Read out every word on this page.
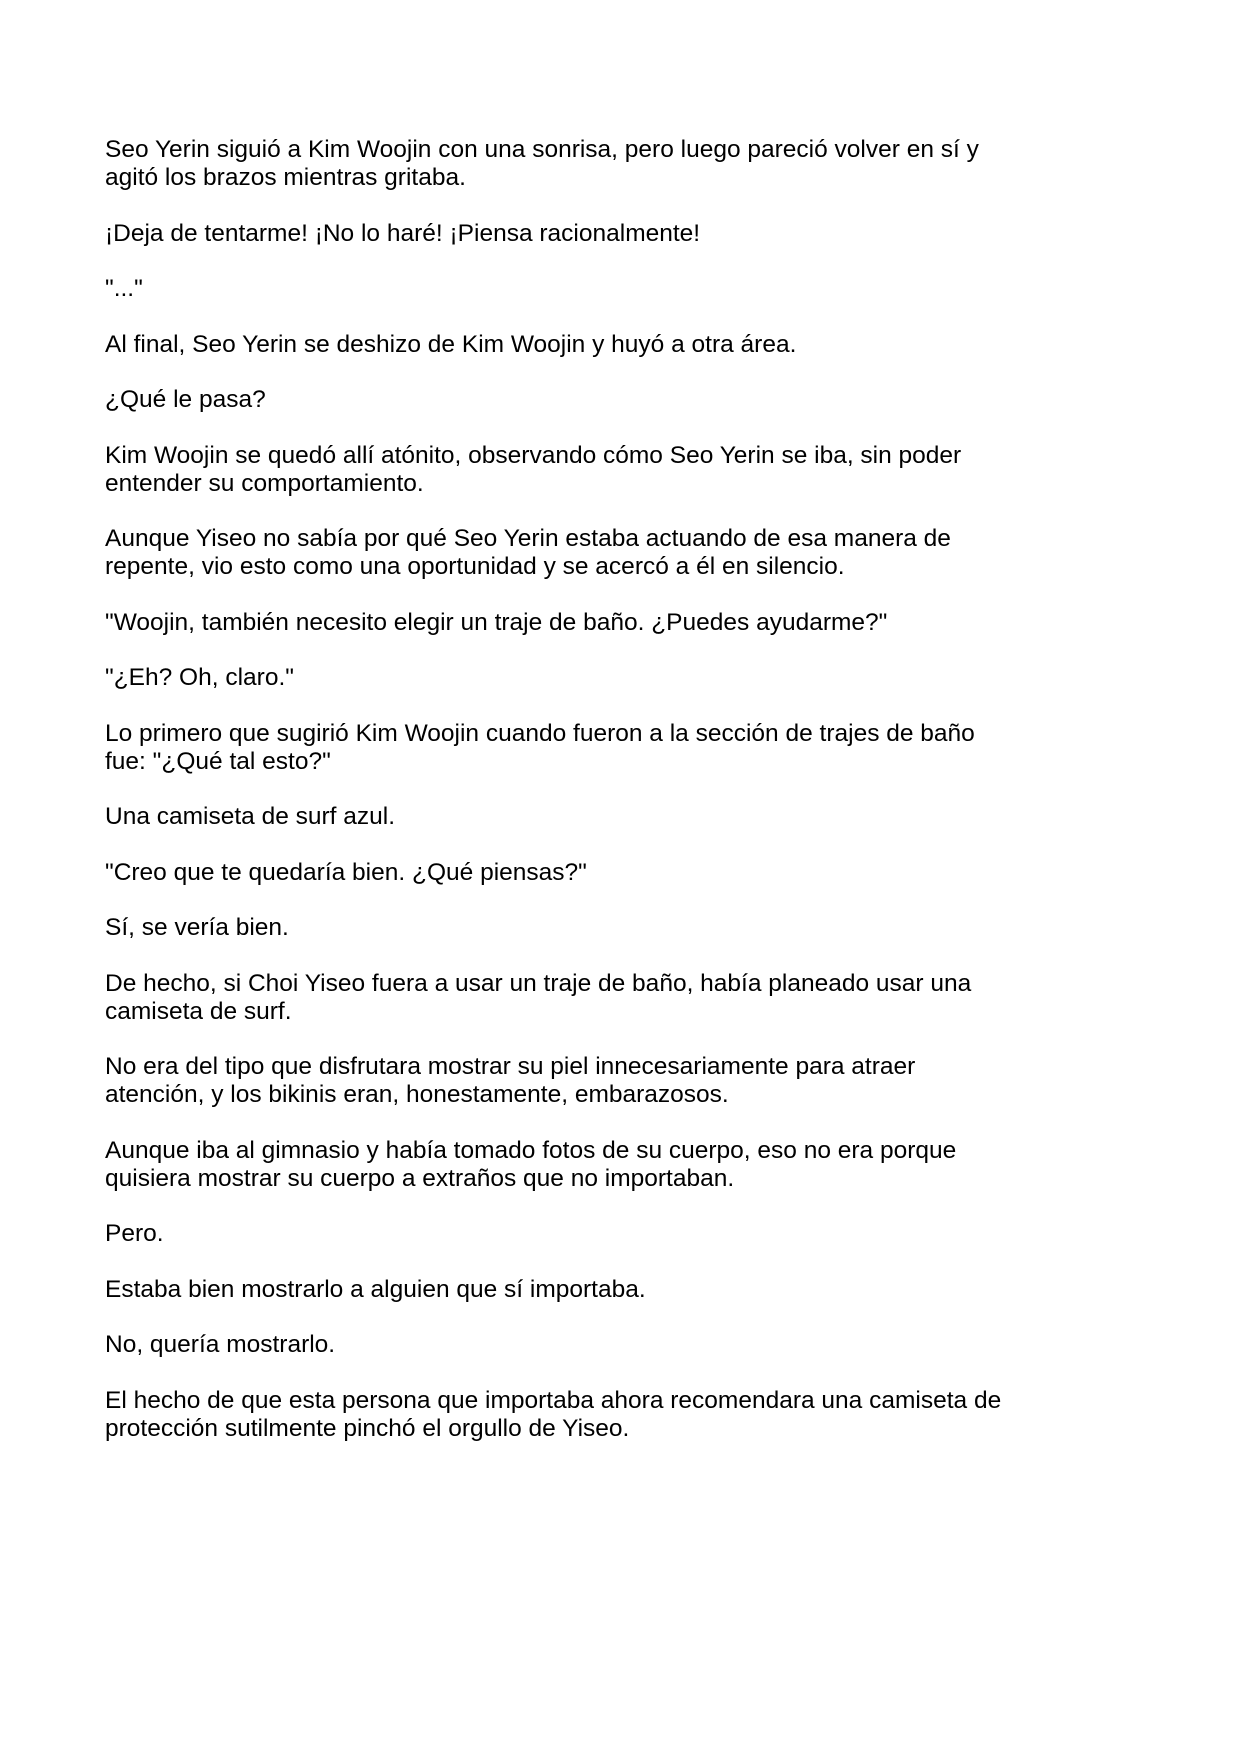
Seo Yerin siguió a Kim Woojin con una sonrisa, pero luego pareció volver en sí y
agitó los brazos mientras gritaba.

¡Deja de tentarme! ¡No lo haré! ¡Piensa racionalmente!

"..."

Al final, Seo Yerin se deshizo de Kim Woojin y huyó a otra área.

¿Qué le pasa?

Kim Woojin se quedó allí atónito, observando cómo Seo Yerin se iba, sin poder
entender su comportamiento.

Aunque Yiseo no sabía por qué Seo Yerin estaba actuando de esa manera de
repente, vio esto como una oportunidad y se acercó a él en silencio.

"Woojin, también necesito elegir un traje de baño. ¿Puedes ayudarme?"

"¿Eh? Oh, claro."

Lo primero que sugirió Kim Woojin cuando fueron a la sección de trajes de baño
fue: "¿Qué tal esto?"

Una camiseta de surf azul.

"Creo que te quedaría bien. ¿Qué piensas?"

Sí, se vería bien.

De hecho, si Choi Yiseo fuera a usar un traje de baño, había planeado usar una
camiseta de surf.

No era del tipo que disfrutara mostrar su piel innecesariamente para atraer
atención, y los bikinis eran, honestamente, embarazosos.

Aunque iba al gimnasio y había tomado fotos de su cuerpo, eso no era porque
quisiera mostrar su cuerpo a extraños que no importaban.

Pero.

Estaba bien mostrarlo a alguien que sí importaba.

No, quería mostrarlo.

El hecho de que esta persona que importaba ahora recomendara una camiseta de
protección sutilmente pinchó el orgullo de Yiseo.
